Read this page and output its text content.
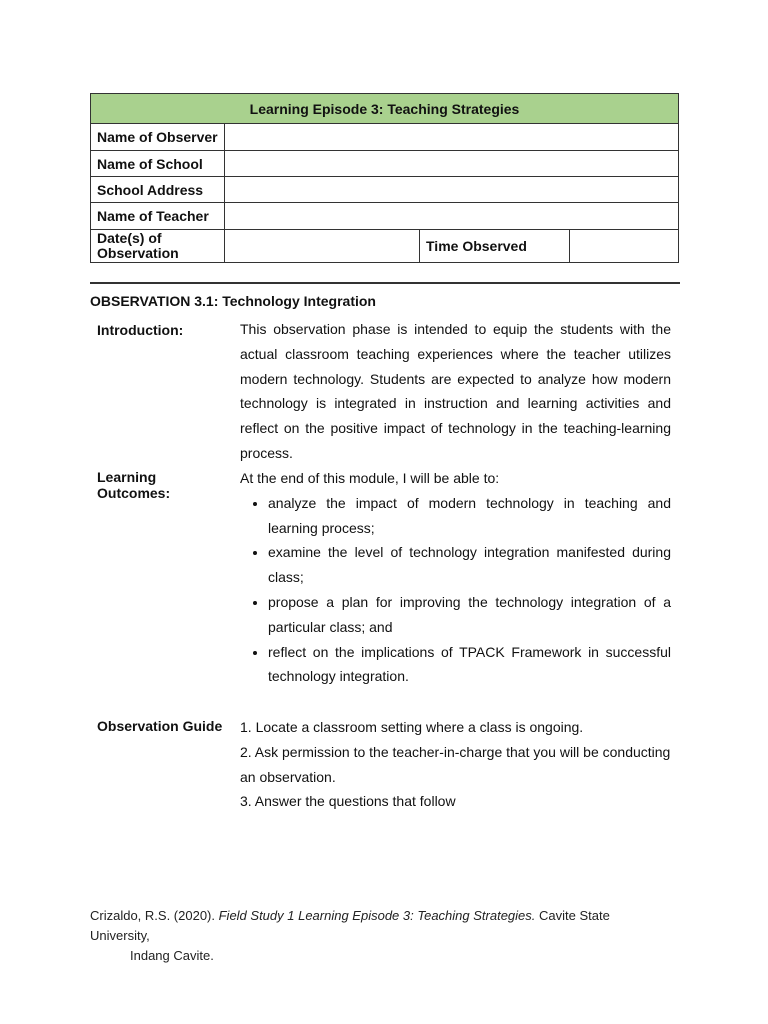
Learning Episode 3: Teaching Strategies			
Name of Observer			
Name of School			
School Address			
Name of Teacher			
Date(s) of Observation		Time Observed	
OBSERVATION 3.1: Technology Integration
Introduction:	This observation phase is intended to equip the students with the actual classroom teaching experiences where the teacher utilizes modern technology. Students are expected to analyze how modern technology is integrated in instruction and learning activities and reflect on the positive impact of technology in the teaching-learning process.
Learning Outcomes:
At the end of this module, I will be able to:
• analyze the impact of modern technology in teaching and learning process;
• examine the level of technology integration manifested during class;
• propose a plan for improving the technology integration of a particular class; and
• reflect on the implications of TPACK Framework in successful technology integration.
Observation Guide 1. Locate a classroom setting where a class is ongoing.
2. Ask permission to the teacher-in-charge that you will be conducting an observation.
3. Answer the questions that follow
Crizaldo, R.S. (2020). Field Study 1 Learning Episode 3: Teaching Strategies. Cavite State University,
Indang Cavite.
